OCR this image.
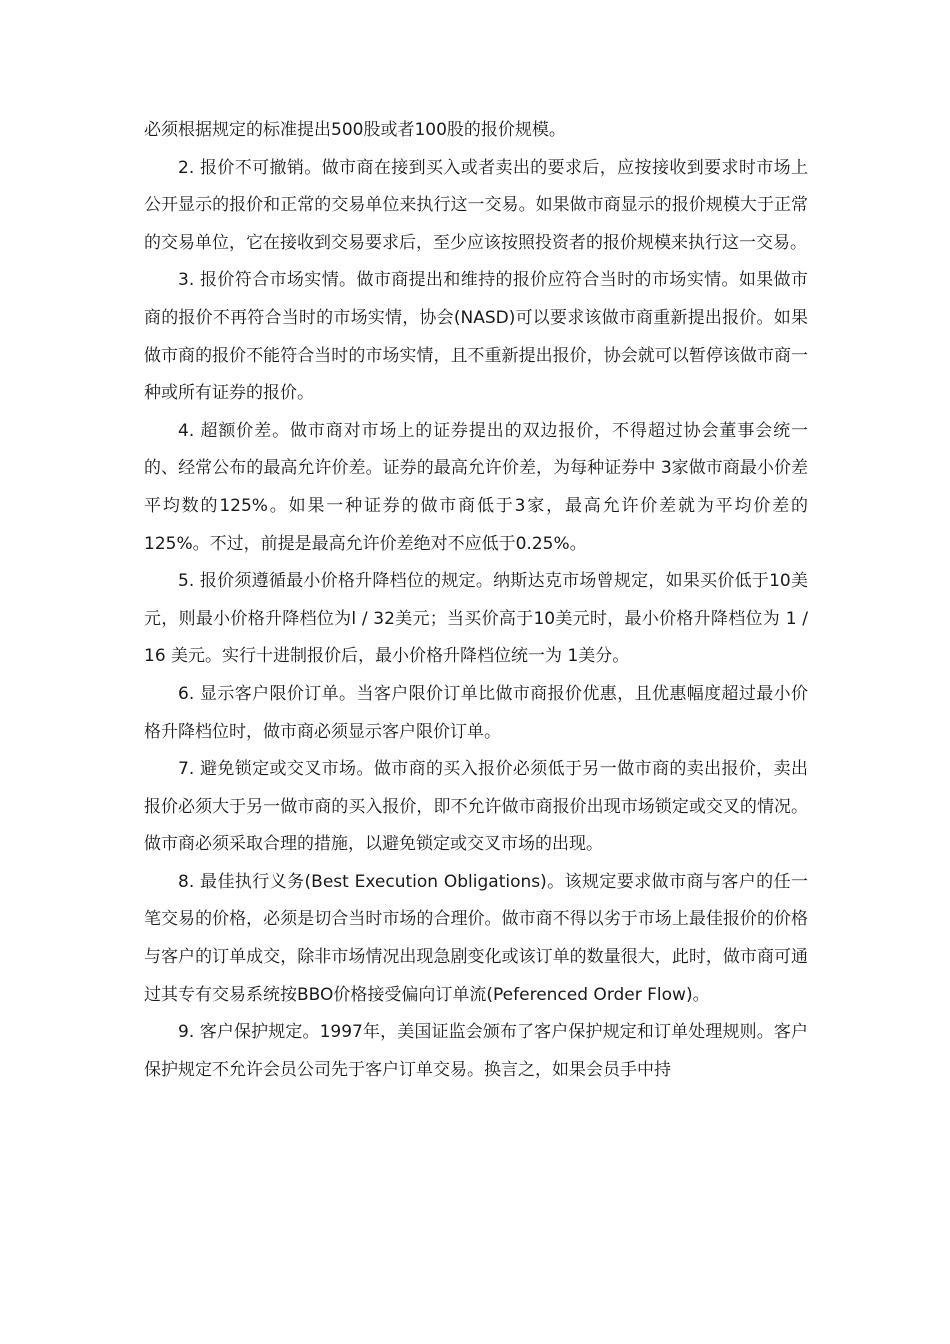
必须根据规定的标准提出500股或者100股的报价规模。

2. 报价不可撤销。做市商在接到买入或者卖出的要求后，应按接收到要求时市场上公开显示的报价和正常的交易单位来执行这一交易。如果做市商显示的报价规模大于正常的交易单位，它在接收到交易要求后，至少应该按照投资者的报价规模来执行这一交易。

3. 报价符合市场实情。做市商提出和维持的报价应符合当时的市场实情。如果做市商的报价不再符合当时的市场实情，协会(NASD)可以要求该做市商重新提出报价。如果做市商的报价不能符合当时的市场实情，且不重新提出报价，协会就可以暂停该做市商一种或所有证券的报价。

4. 超额价差。做市商对市场上的证券提出的双边报价，不得超过协会董事会统一的、经常公布的最高允许价差。证券的最高允许价差，为每种证券中 3家做市商最小价差平均数的125%。如果一种证券的做市商低于3家，最高允许价差就为平均价差的125%。不过，前提是最高允许价差绝对不应低于0.25%。

5. 报价须遵循最小价格升降档位的规定。纳斯达克市场曾规定，如果买价低于10美元，则最小价格升降档位为l / 32美元；当买价高于10美元时，最小价格升降档位为 1 / 16 美元。实行十进制报价后，最小价格升降档位统一为 1美分。

6. 显示客户限价订单。当客户限价订单比做市商报价优惠，且优惠幅度超过最小价格升降档位时，做市商必须显示客户限价订单。

7. 避免锁定或交叉市场。做市商的买入报价必须低于另一做市商的卖出报价，卖出报价必须大于另一做市商的买入报价，即不允许做市商报价出现市场锁定或交叉的情况。做市商必须采取合理的措施，以避免锁定或交叉市场的出现。

8. 最佳执行义务(Best Execution Obligations)。该规定要求做市商与客户的任一笔交易的价格，必须是切合当时市场的合理价。做市商不得以劣于市场上最佳报价的价格与客户的订单成交，除非市场情况出现急剧变化或该订单的数量很大，此时，做市商可通过其专有交易系统按BBO价格接受偏向订单流(Peferenced Order Flow)。

9. 客户保护规定。1997年，美国证监会颁布了客户保护规定和订单处理规则。客户保护规定不允许会员公司先于客户订单交易。换言之，如果会员手中持
